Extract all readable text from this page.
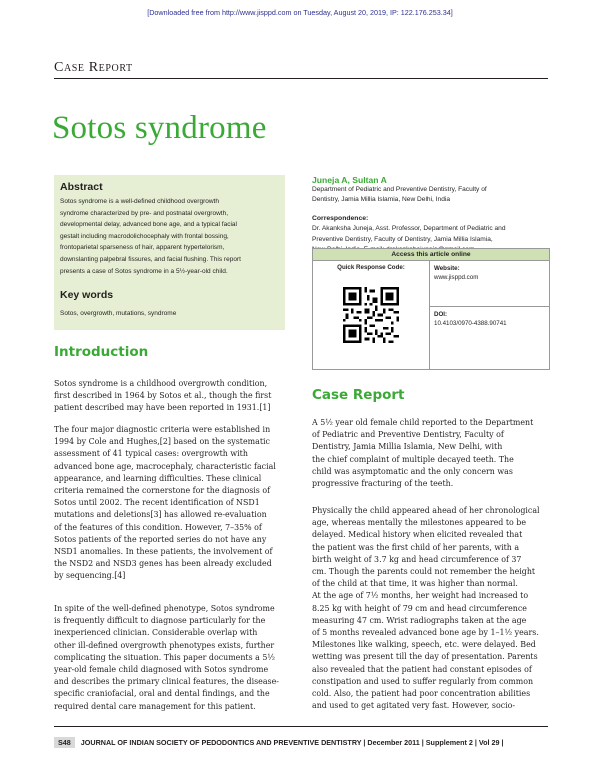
[Downloaded free from http://www.jisppd.com on Tuesday, August 20, 2019, IP: 122.176.253.34]
Case Report
Sotos syndrome
Abstract
Sotos syndrome is a well-defined childhood overgrowth
syndrome characterized by pre- and postnatal overgrowth,
developmental delay, advanced bone age, and a typical facial
gestalt including macrodolichocephaly with frontal bossing,
frontoparietal sparseness of hair, apparent hypertelorism,
downslanting palpebral fissures, and facial flushing. This report
presents a case of Sotos syndrome in a 5½-year-old child.
Key words
Sotos, overgrowth, mutations, syndrome
Juneja A, Sultan A
Department of Pediatric and Preventive Dentistry, Faculty of
Dentistry, Jamia Millia Islamia, New Delhi, India
Correspondence:
Dr. Akanksha Juneja, Asst. Professor, Department of Pediatric and
Preventive Dentistry, Faculty of Dentistry, Jamia Millia Islamia,
Access this article online
Quick Response Code:	Website:
www.jisppd.com
DOI:
10.4103/0970-4388.90741
Introduction
Sotos syndrome is a childhood overgrowth condition,
first described in 1964 by Sotos et al., though the first
patient described may have been reported in 1931.[1]
The four major diagnostic criteria were established in
1994 by Cole and Hughes,[2] based on the systematic
assessment of 41 typical cases: overgrowth with
advanced bone age, macrocephaly, characteristic facial
appearance, and learning difficulties. These clinical
criteria remained the cornerstone for the diagnosis of
Sotos until 2002. The recent identification of NSD1
mutations and deletions[3] has allowed re-evaluation
of the features of this condition. However, 7–35% of
Sotos patients of the reported series do not have any
NSD1 anomalies. In these patients, the involvement of
the NSD2 and NSD3 genes has been already excluded
by sequencing.[4]
In spite of the well-defined phenotype, Sotos syndrome
is frequently difficult to diagnose particularly for the
inexperienced clinician. Considerable overlap with
other ill-defined overgrowth phenotypes exists, further
complicating the situation. This paper documents a 5½
year-old female child diagnosed with Sotos syndrome
and describes the primary clinical features, the disease-
specific craniofacial, oral and dental findings, and the
required dental care management for this patient.
Case Report
A 5½ year old female child reported to the Department
of Pediatric and Preventive Dentistry, Faculty of
Dentistry, Jamia Millia Islamia, New Delhi, with
the chief complaint of multiple decayed teeth. The
child was asymptomatic and the only concern was
progressive fracturing of the teeth.
Physically the child appeared ahead of her chronological
age, whereas mentally the milestones appeared to be
delayed. Medical history when elicited revealed that
the patient was the first child of her parents, with a
birth weight of 3.7 kg and head circumference of 37
cm. Though the parents could not remember the height
of the child at that time, it was higher than normal.
At the age of 7½ months, her weight had increased to
8.25 kg with height of 79 cm and head circumference
measuring 47 cm. Wrist radiographs taken at the age
of 5 months revealed advanced bone age by 1–1½ years.
Milestones like walking, speech, etc. were delayed. Bed
wetting was present till the day of presentation. Parents
also revealed that the patient had constant episodes of
constipation and used to suffer regularly from common
cold. Also, the patient had poor concentration abilities
and used to get agitated very fast. However, socio-
S48 JOURNAL OF INDIAN SOCIETY OF PEDODONTICS AND PREVENTIVE DENTISTRY | December 2011 | Supplement 2 | Vol 29 |
